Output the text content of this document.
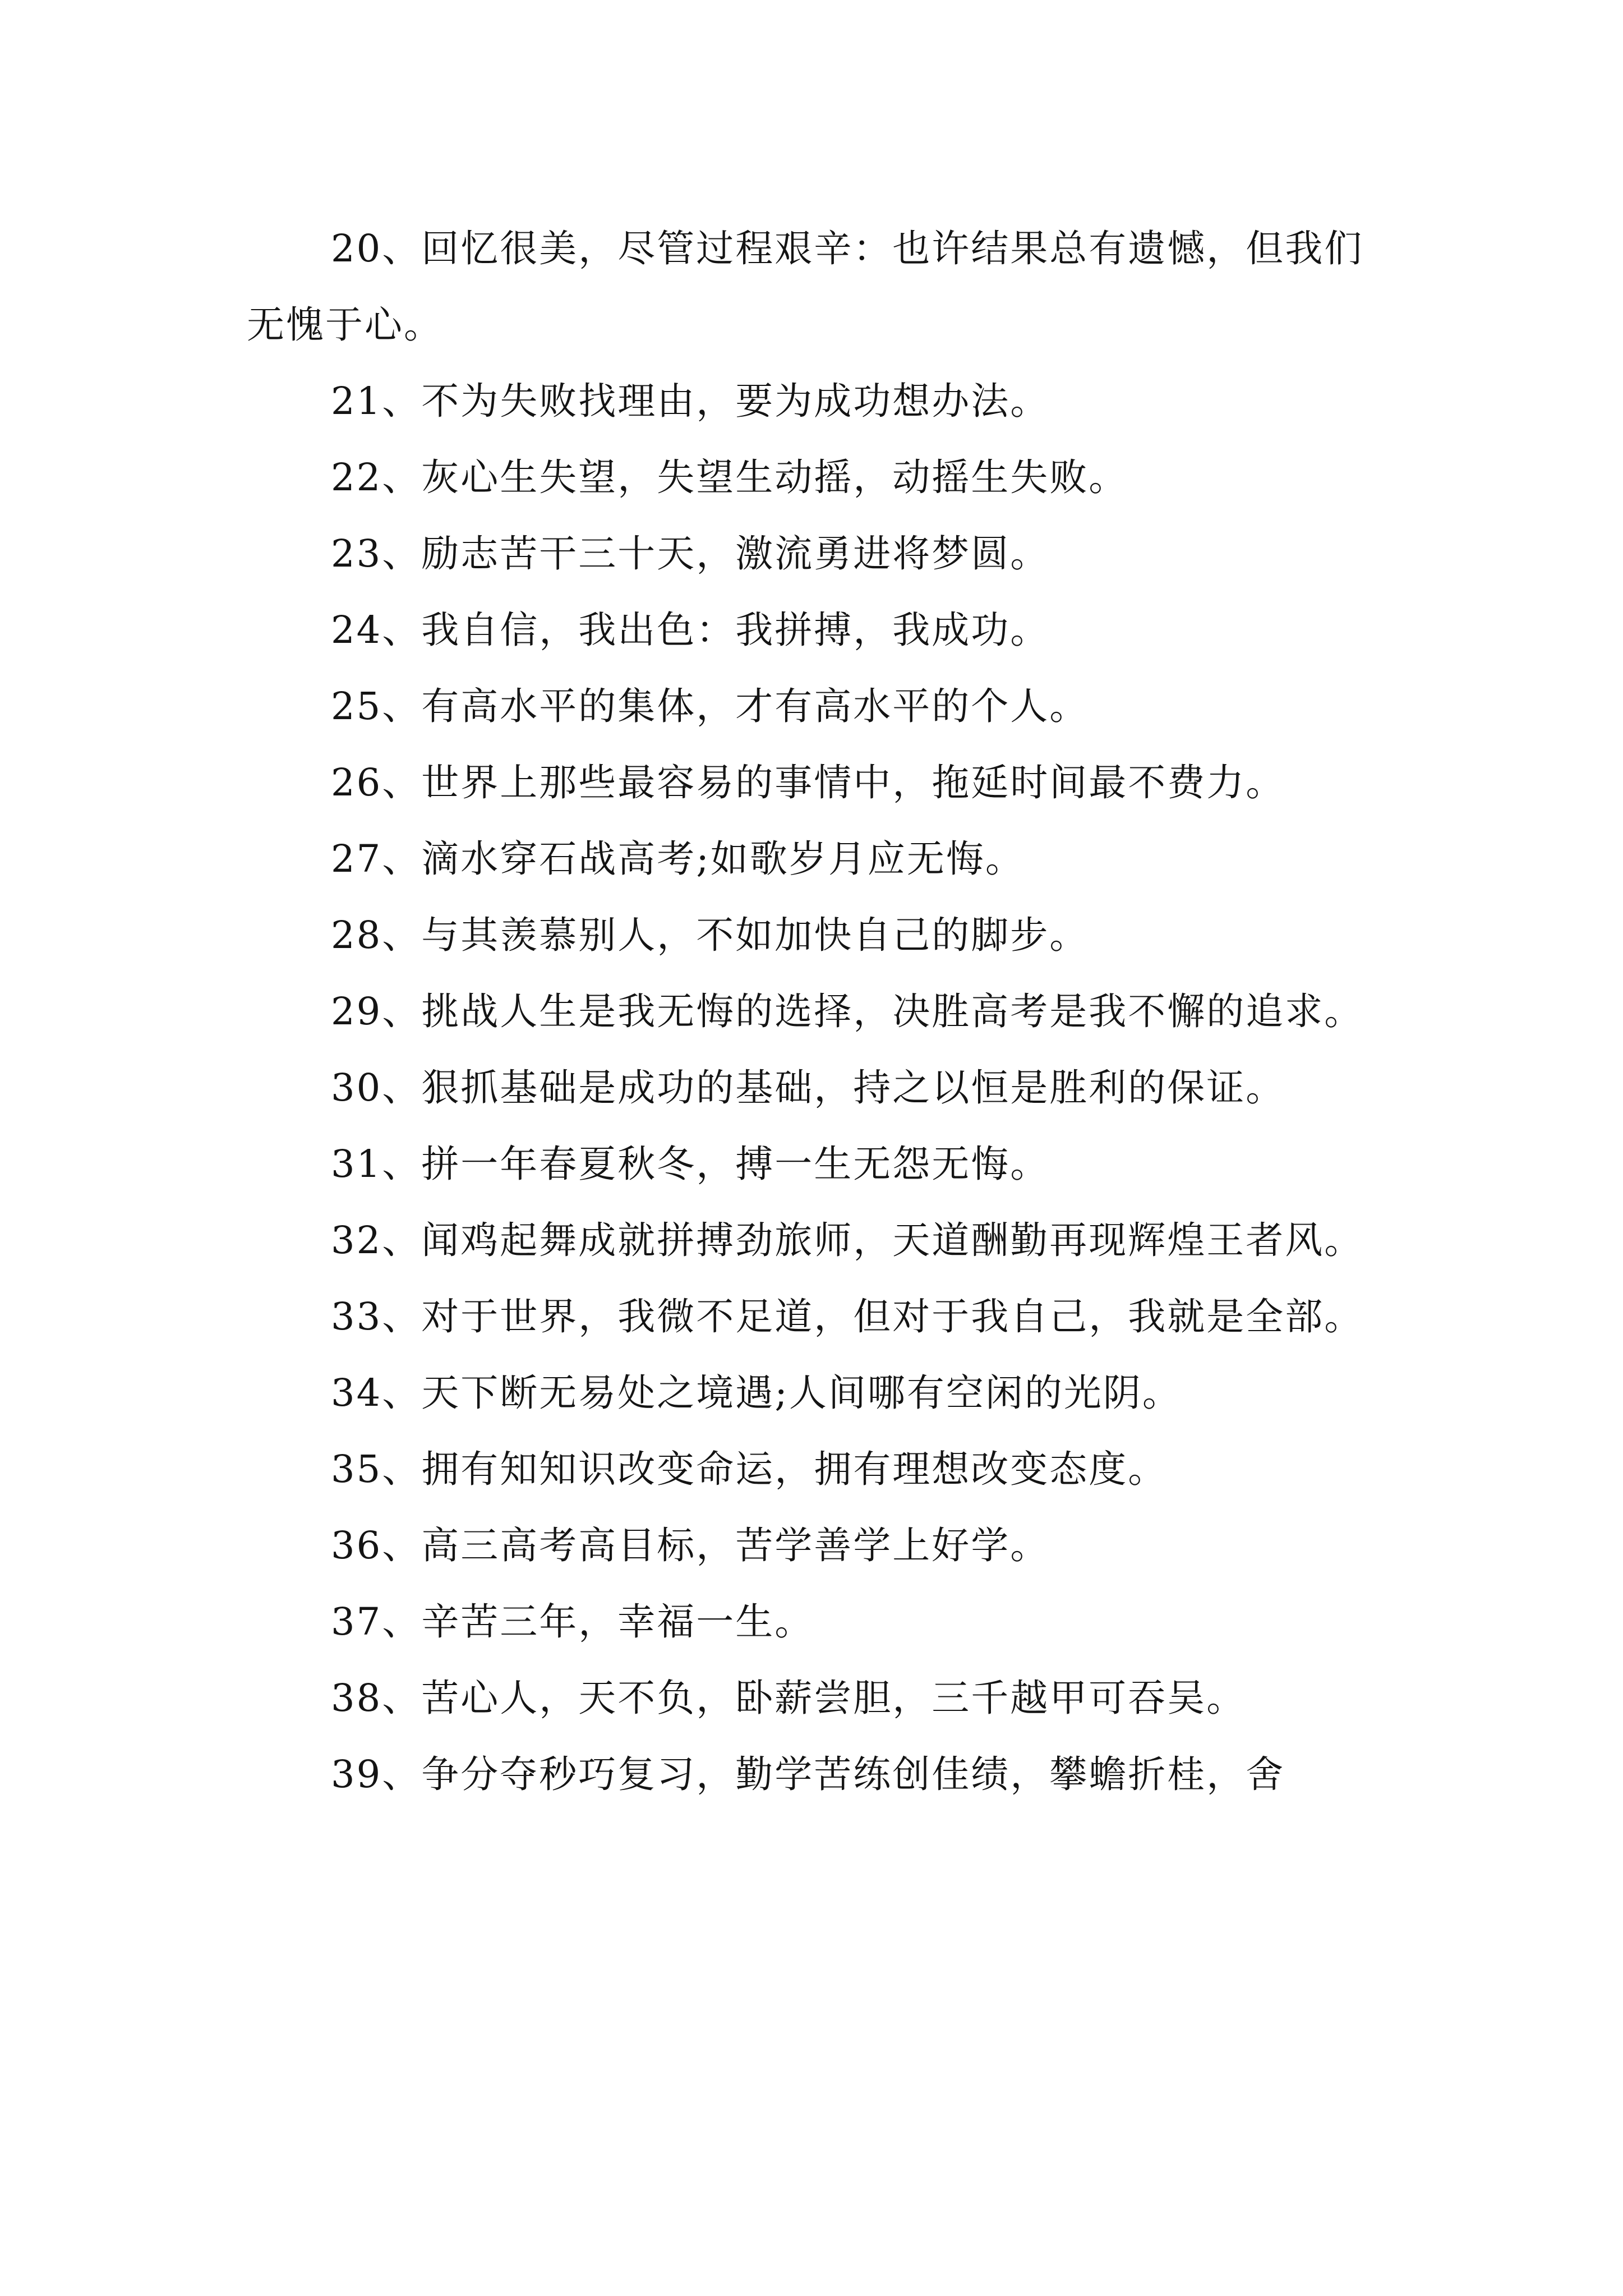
20、回忆很美，尽管过程艰辛：也许结果总有遗憾，但我们无愧于心。

21、不为失败找理由，要为成功想办法。

22、灰心生失望，失望生动摇，动摇生失败。

23、励志苦干三十天，激流勇进将梦圆。

24、我自信，我出色：我拼搏，我成功。

25、有高水平的集体，才有高水平的个人。

26、世界上那些最容易的事情中，拖延时间最不费力。

27、滴水穿石战高考;如歌岁月应无悔。

28、与其羡慕别人，不如加快自己的脚步。

29、挑战人生是我无悔的选择，决胜高考是我不懈的追求。

30、狠抓基础是成功的基础，持之以恒是胜利的保证。

31、拼一年春夏秋冬，搏一生无怨无悔。

32、闻鸡起舞成就拼搏劲旅师，天道酬勤再现辉煌王者风。

33、对于世界，我微不足道，但对于我自己，我就是全部。

34、天下断无易处之境遇;人间哪有空闲的光阴。

35、拥有知知识改变命运，拥有理想改变态度。

36、高三高考高目标，苦学善学上好学。

37、辛苦三年，幸福一生。

38、苦心人，天不负，卧薪尝胆，三千越甲可吞吴。

39、争分夺秒巧复习，勤学苦练创佳绩，攀蟾折桂，舍
